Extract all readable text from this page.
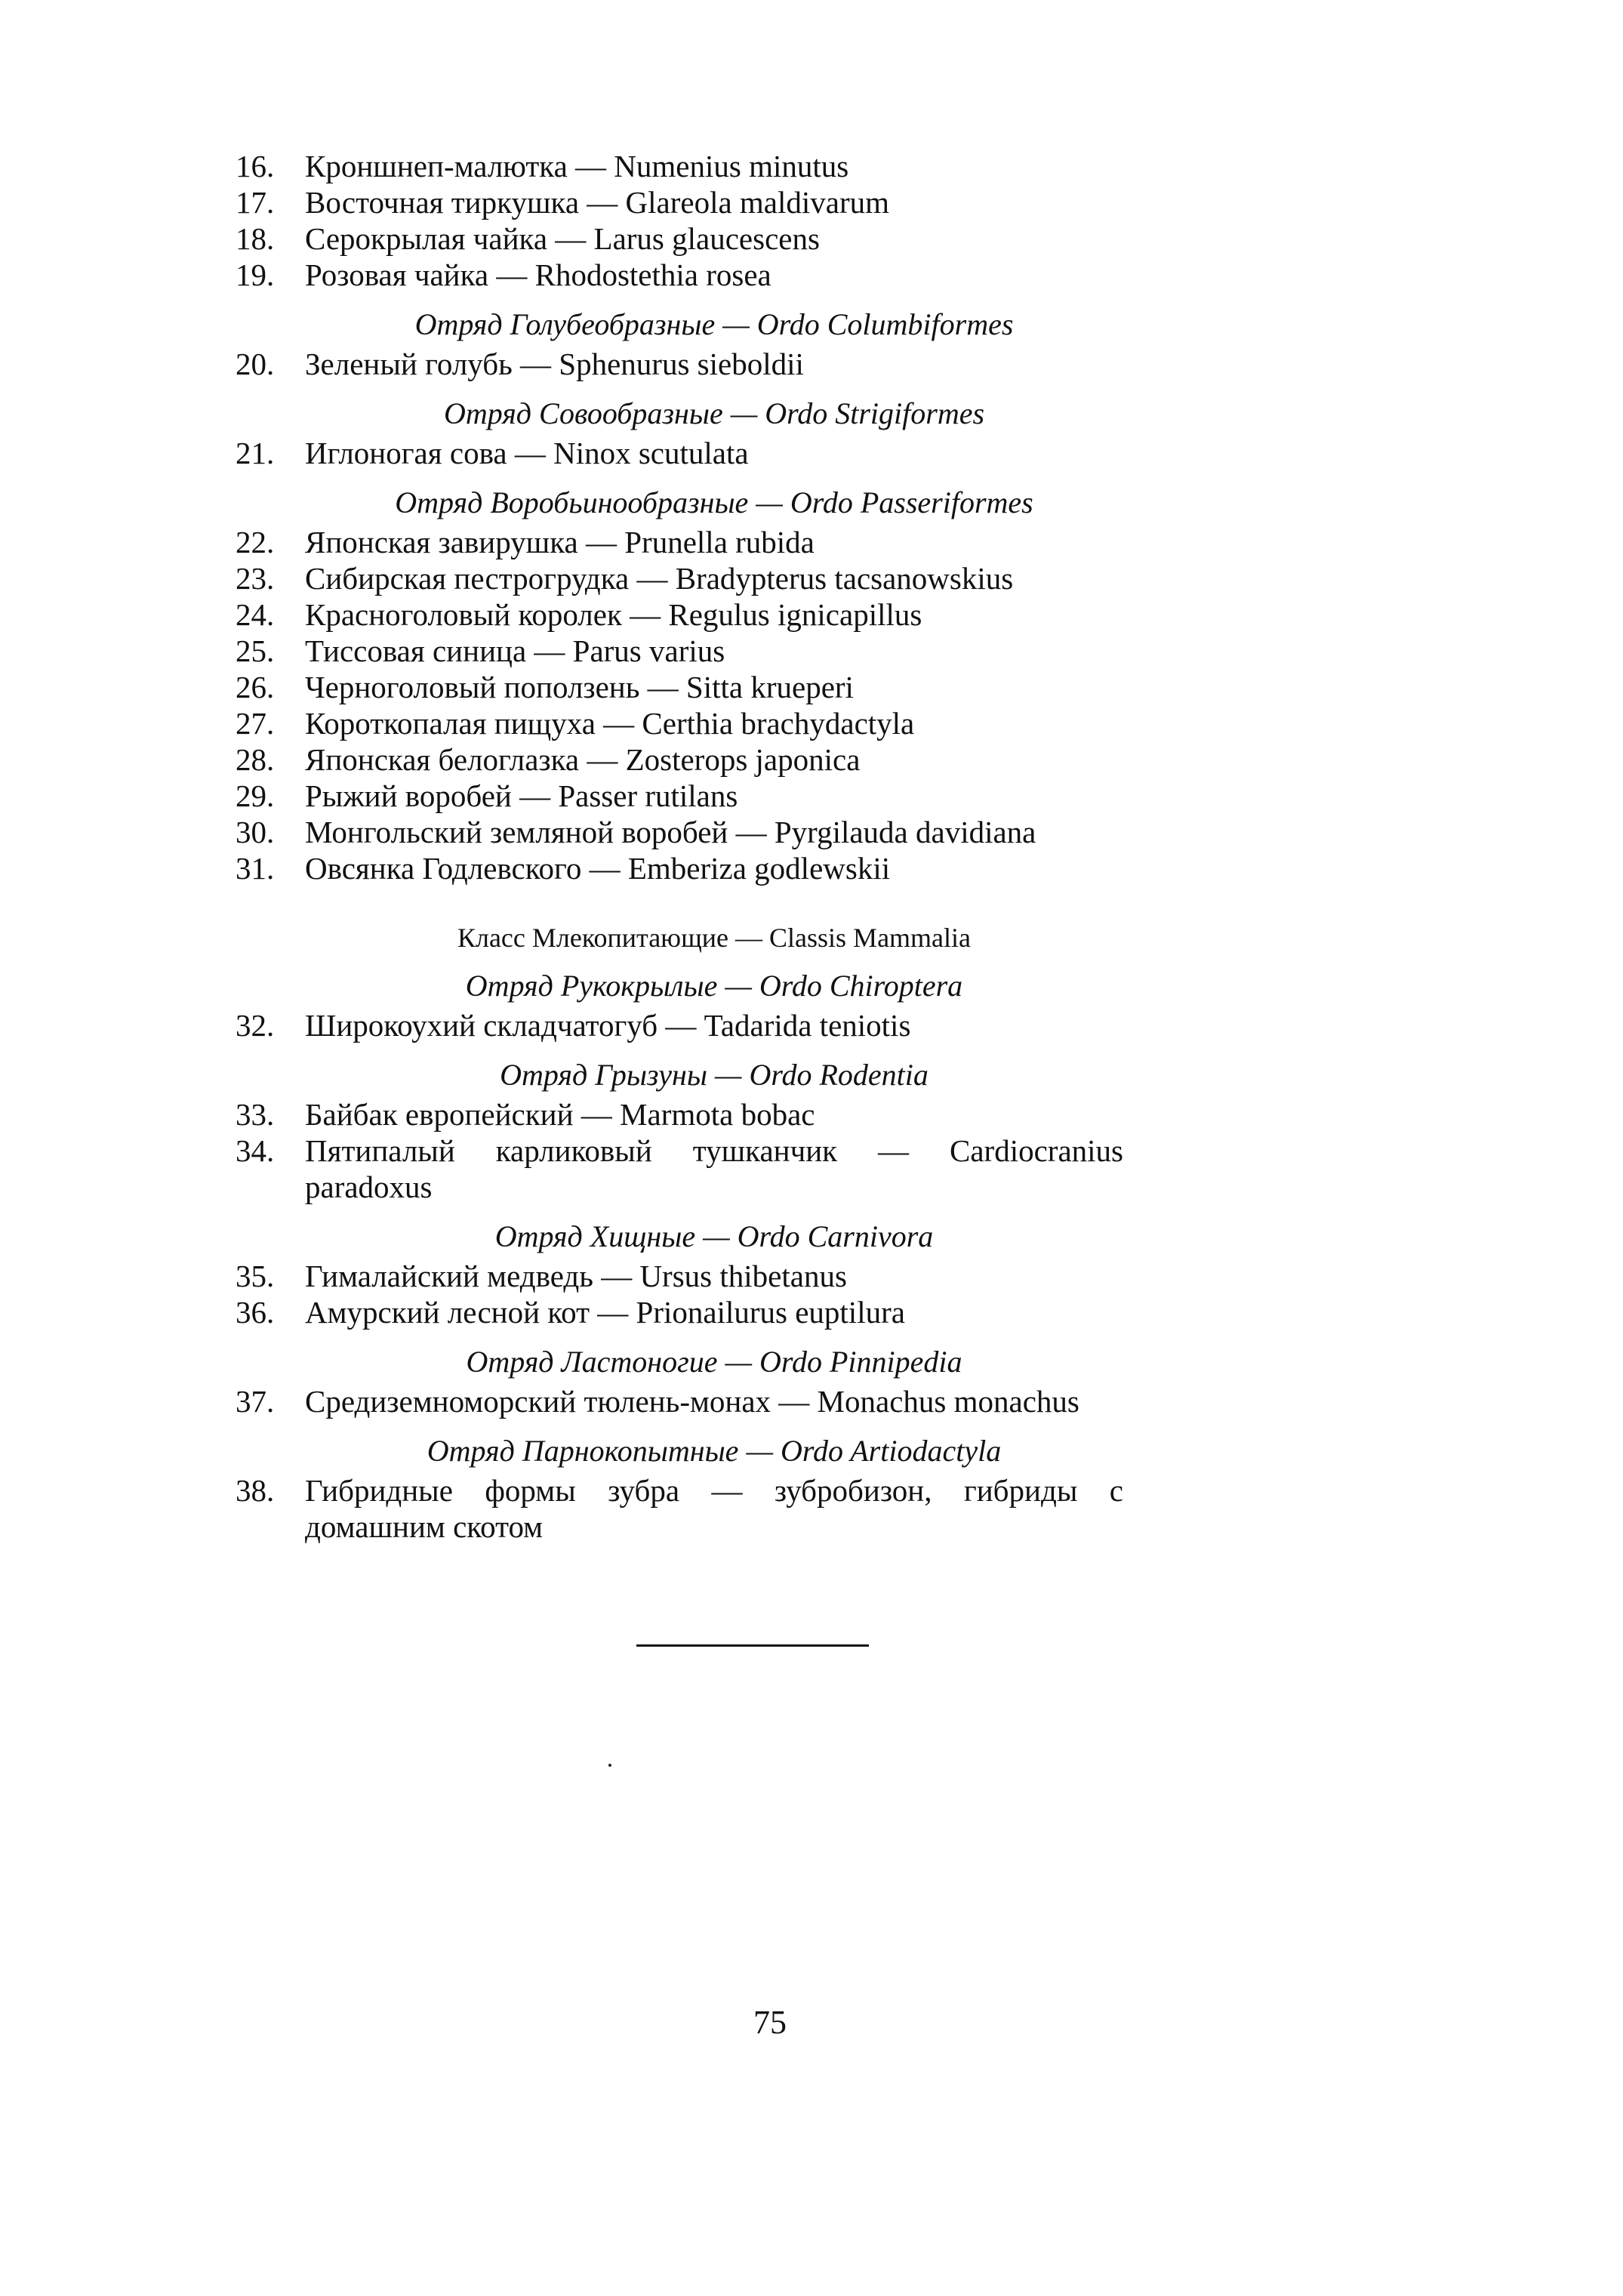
16. Кроншнеп-малютка — Numenius minutus
17. Восточная тиркушка — Glareola maldivarum
18. Серокрылая чайка — Larus glaucescens
19. Розовая чайка — Rhodostethia rosea
Отряд Голубеобразные — Ordo Columbiformes
20. Зеленый голубь — Sphenurus sieboldii
Отряд Совообразные — Ordo Strigiformes
21. Иглоногая сова — Ninox scutulata
Отряд Воробьинообразные — Ordo Passeriformes
22. Японская завирушка — Prunella rubida
23. Сибирская пестрогрудка — Bradypterus tacsanowskius
24. Красноголовый королек — Regulus ignicapillus
25. Тиссовая синица — Parus varius
26. Черноголовый поползень — Sitta krueperi
27. Короткопалая пищуха — Certhia brachydactyla
28. Японская белоглазка — Zosterops japonica
29. Рыжий воробей — Passer rutilans
30. Монгольский земляной воробей — Pyrgilauda davidiana
31. Овсянка Годлевского — Emberiza godlewskii
Класс Млекопитающие — Classis Mammalia
Отряд Рукокрылые — Ordo Chiroptera
32. Широкоухий складчатогуб — Tadarida teniotis
Отряд Грызуны — Ordo Rodentia
33. Байбак европейский — Marmota bobac
34. Пятипалый карликовый тушканчик — Cardiocranius paradoxus
Отряд Хищные — Ordo Carnivora
35. Гималайский медведь — Ursus thibetanus
36. Амурский лесной кот — Prionailurus euptilura
Отряд Ластоногие — Ordo Pinnipedia
37. Средиземноморский тюлень-монах — Monachus monachus
Отряд Парнокопытные — Ordo Artiodactyla
38. Гибридные формы зубра — зубробизон, гибриды с домашним скотом
75
